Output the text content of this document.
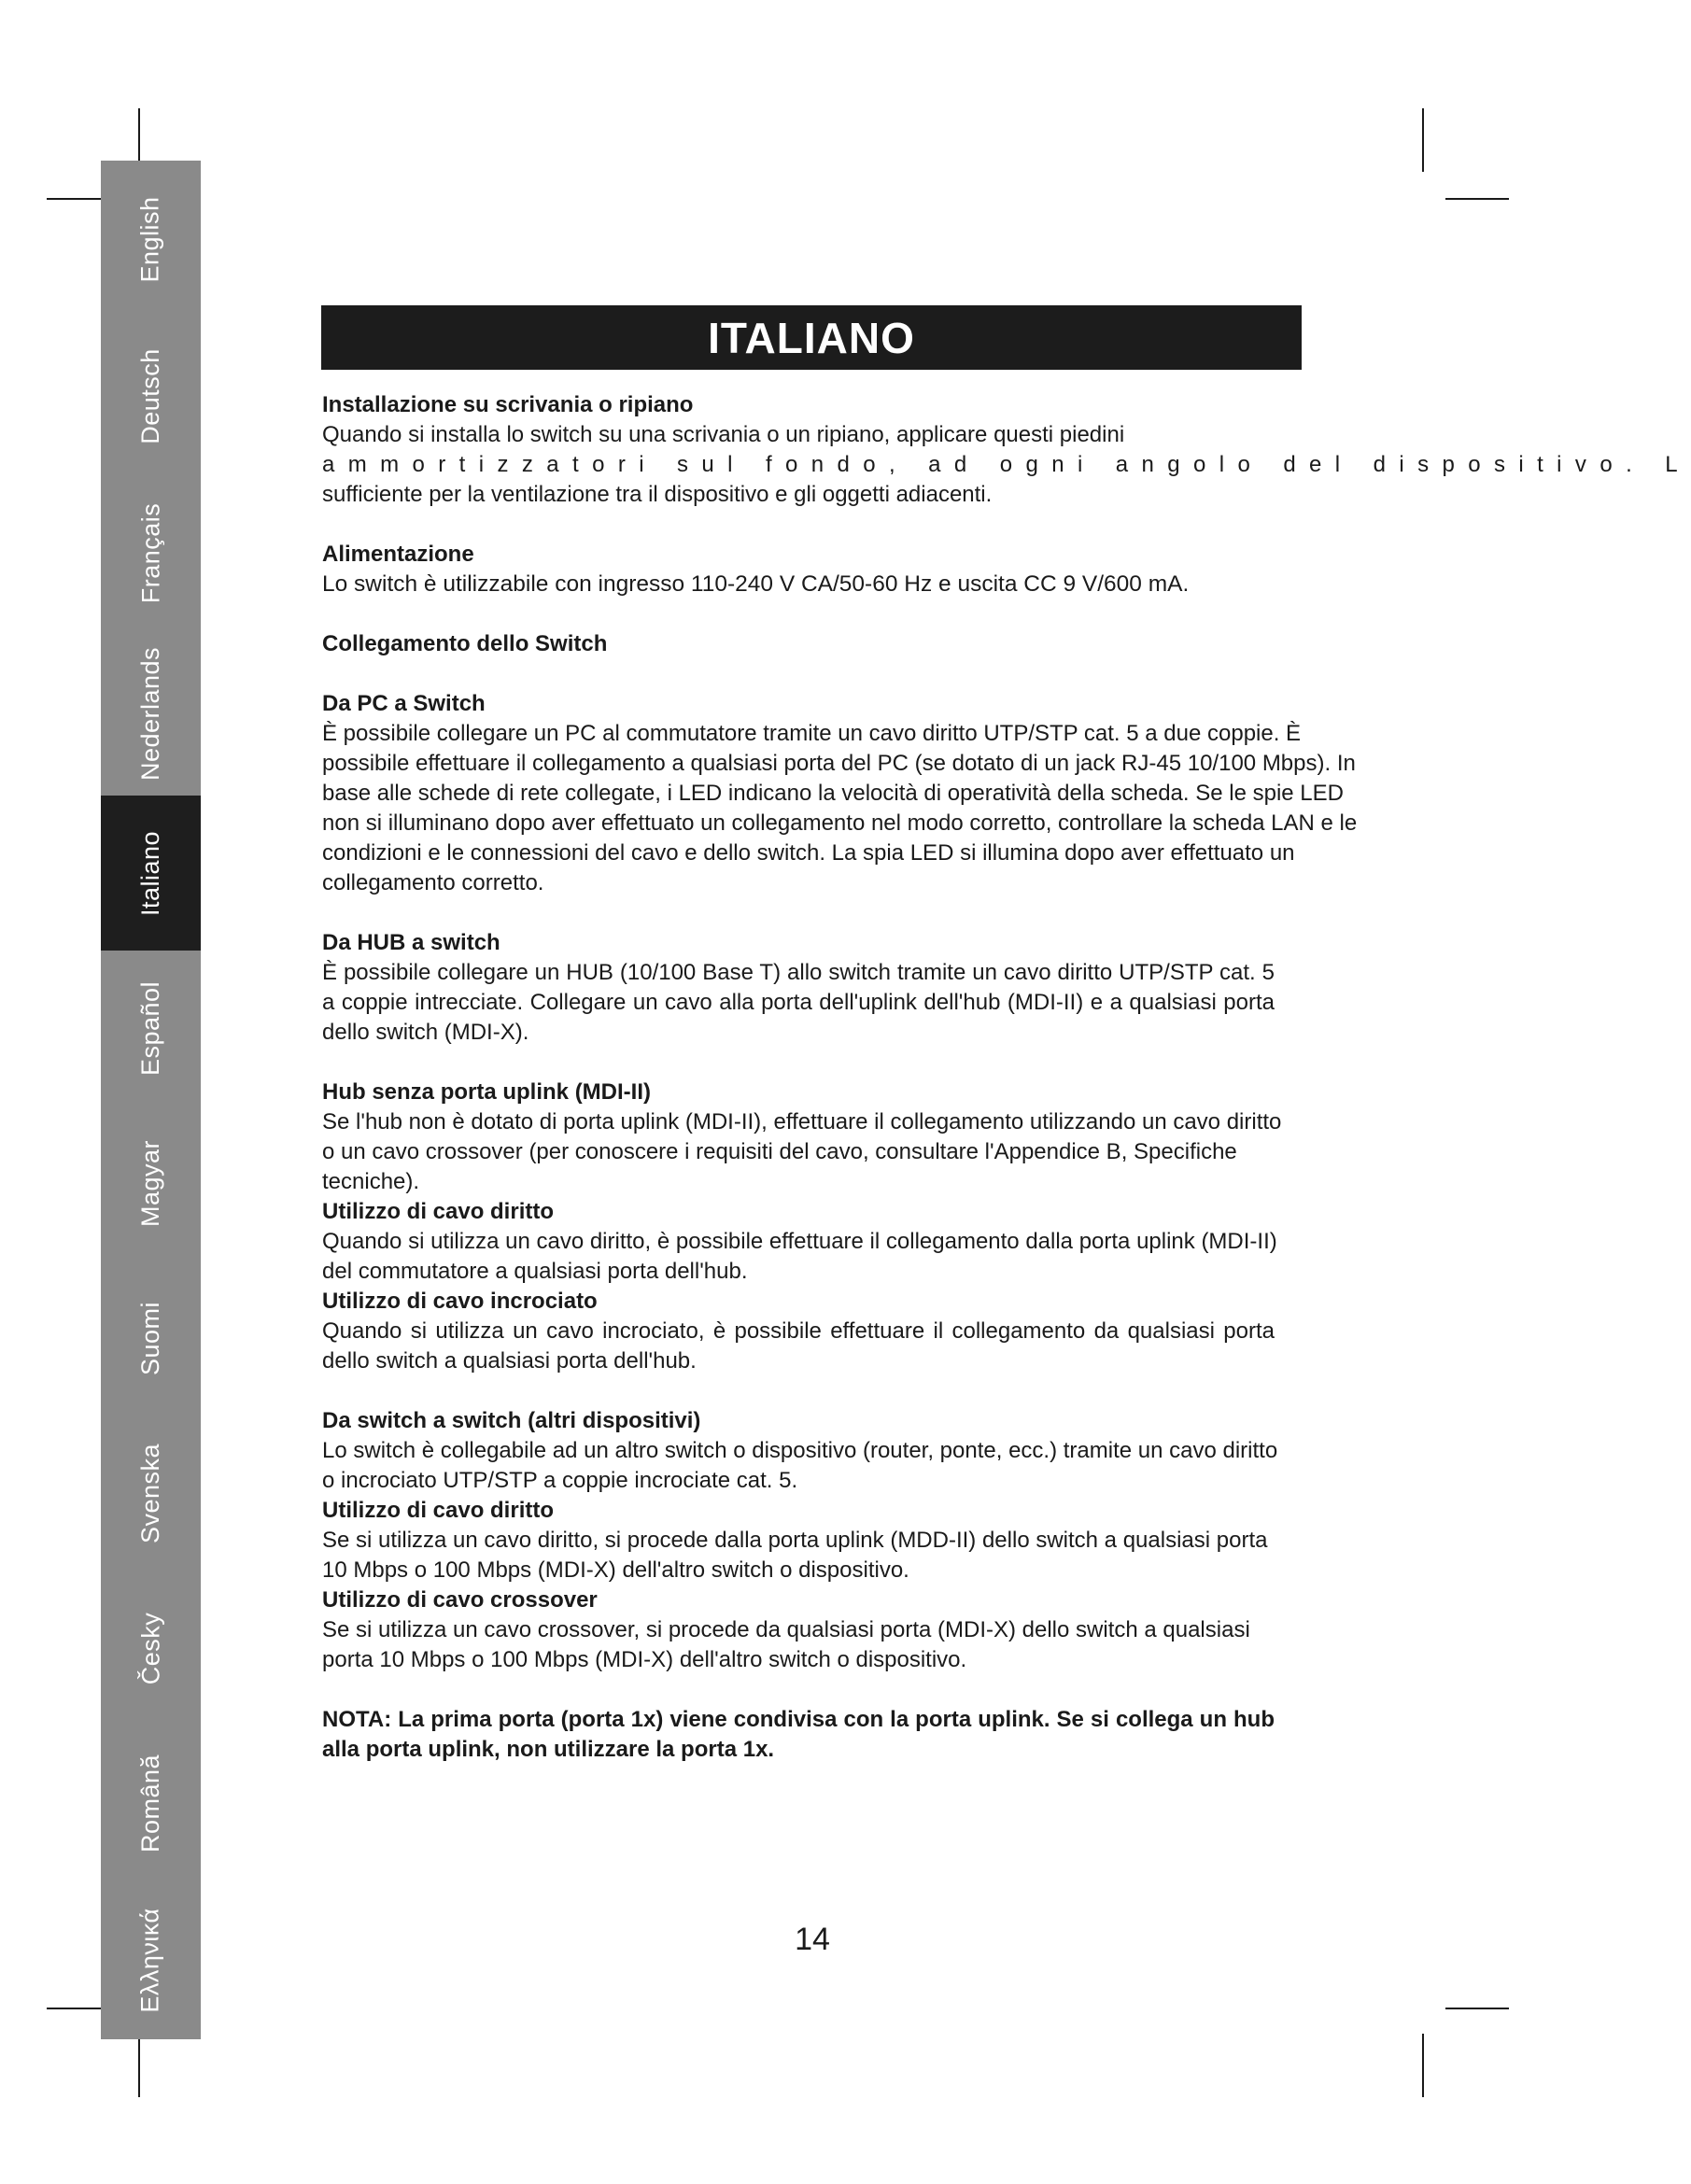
English
Deutsch
Français
Nederlands
Italiano
Español
Magyar
Suomi
Svenska
Česky
Română
Ελληνικά
ITALIANO
Installazione su scrivania o ripiano
Quando si installa lo switch su una scrivania o un ripiano, applicare questi piedini
ammortizzatori sul fondo, ad ogni angolo del dispositivo. L
sufficiente per la ventilazione tra il dispositivo e gli oggetti adiacenti.
Alimentazione

Lo switch è utilizzabile con ingresso 110-240 V CA/50-60 Hz e uscita CC 9 V/600 mA.

Collegamento dello Switch
Da PC a Switch

È possibile collegare un PC al commutatore tramite un cavo diritto UTP/STP cat. 5 a due coppie. È possibile effettuare il collegamento a qualsiasi porta del PC (se dotato di un jack RJ-45 10/100 Mbps). In base alle schede di rete collegate, i LED indicano la velocità di operatività della scheda. Se le spie LED non si illuminano dopo aver effettuato un collegamento nel modo corretto, controllare la scheda LAN e le condizioni e le connessioni del cavo e dello switch. La spia LED si illumina dopo aver effettuato un collegamento corretto.

Da HUB a switch

È possibile collegare un HUB (10/100 Base T) allo switch tramite un cavo diritto UTP/STP cat. 5 a coppie intrecciate. Collegare un cavo alla porta dell'uplink dell'hub (MDI-II) e a qualsiasi porta dello switch (MDI-X).

Hub senza porta uplink (MDI-II)

Se l'hub non è dotato di porta uplink (MDI-II), effettuare il collegamento utilizzando un cavo diritto o un cavo crossover (per conoscere i requisiti del cavo, consultare l'Appendice B, Specifiche tecniche).

Utilizzo di cavo diritto

Quando si utilizza un cavo diritto, è possibile effettuare il collegamento dalla porta uplink (MDI-II) del commutatore a qualsiasi porta dell'hub.

Utilizzo di cavo incrociato

Quando si utilizza un cavo incrociato, è possibile effettuare il collegamento da qualsiasi porta dello switch a qualsiasi porta dell'hub.

Da switch a switch (altri dispositivi)

Lo switch è collegabile ad un altro switch o dispositivo (router, ponte, ecc.) tramite un cavo diritto o incrociato UTP/STP a coppie incrociate cat. 5.

Utilizzo di cavo diritto

Se si utilizza un cavo diritto, si procede dalla porta uplink (MDD-II) dello switch a qualsiasi porta 10 Mbps o 100 Mbps (MDI-X) dell'altro switch o dispositivo.

Utilizzo di cavo crossover

Se si utilizza un cavo crossover, si procede da qualsiasi porta (MDI-X) dello switch a qualsiasi porta 10 Mbps o 100 Mbps (MDI-X) dell'altro switch o dispositivo.

NOTA: La prima porta (porta 1x) viene condivisa con la porta uplink. Se si collega un hub alla porta uplink, non utilizzare la porta 1x.

14
